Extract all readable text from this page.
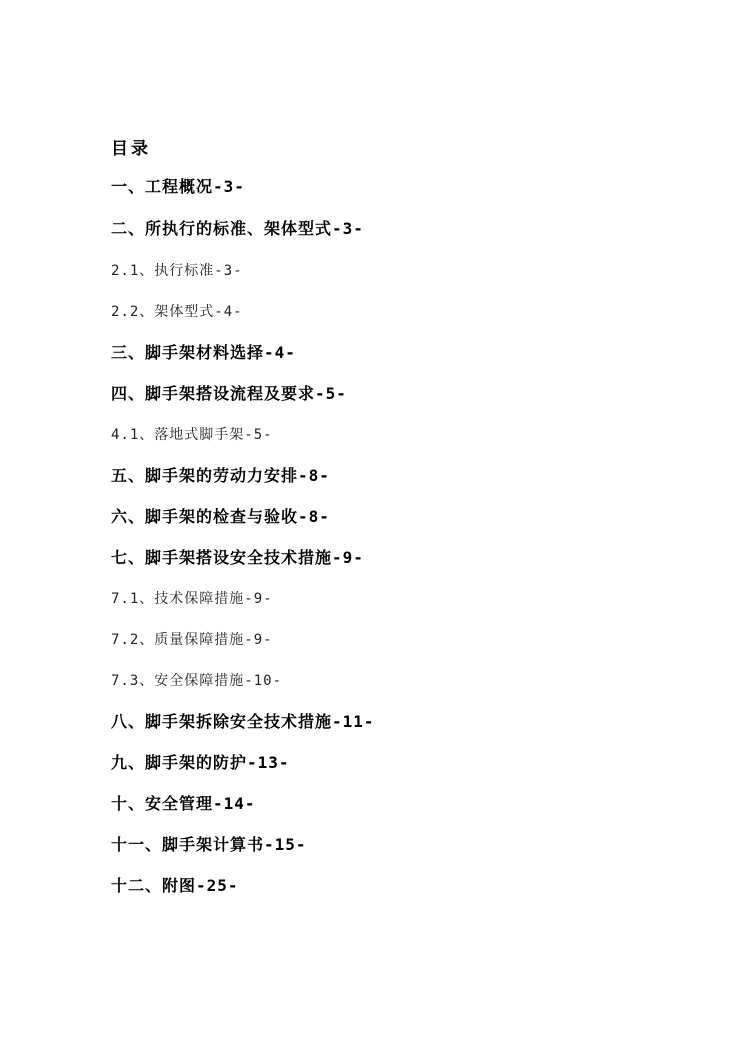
目录
一、工程概况-3-
二、所执行的标准、架体型式-3-
2.1、执行标准-3-
2.2、架体型式-4-
三、脚手架材料选择-4-
四、脚手架搭设流程及要求-5-
4.1、落地式脚手架-5-
五、脚手架的劳动力安排-8-
六、脚手架的检查与验收-8-
七、脚手架搭设安全技术措施-9-
7.1、技术保障措施-9-
7.2、质量保障措施-9-
7.3、安全保障措施-10-
八、脚手架拆除安全技术措施-11-
九、脚手架的防护-13-
十、安全管理-14-
十一、脚手架计算书-15-
十二、附图-25-
